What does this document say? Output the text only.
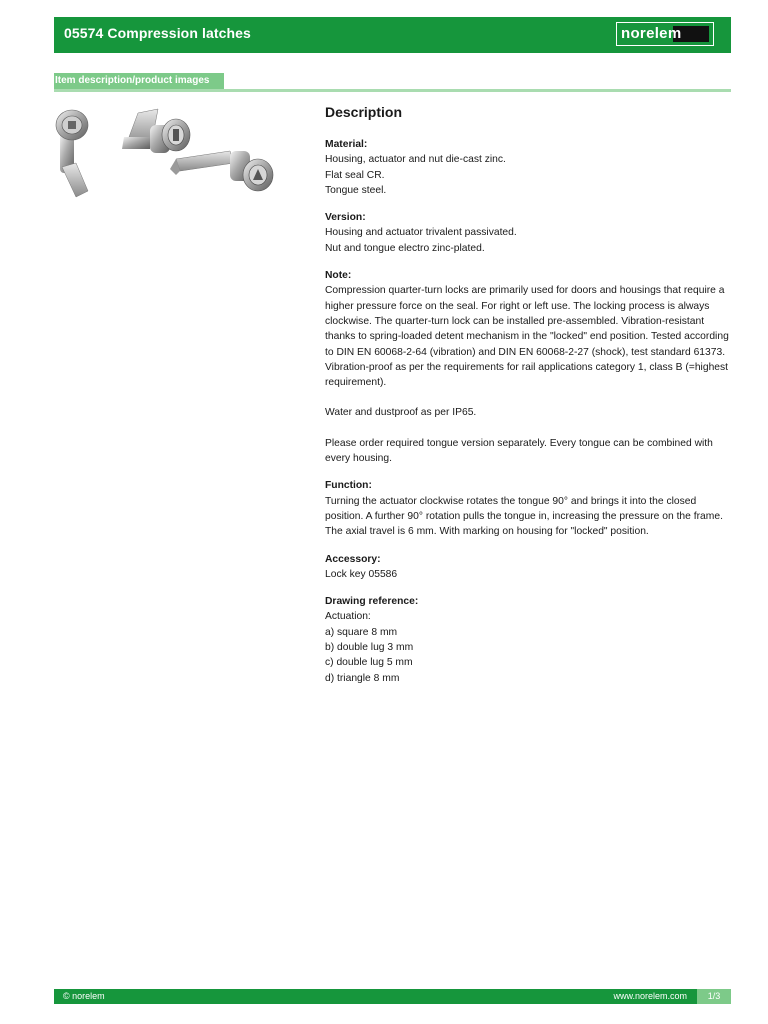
05574 Compression latches	norelem
Item description/product images
Description
Material:
Housing, actuator and nut die-cast zinc.
Flat seal CR.
Tongue steel.
Version:
Housing and actuator trivalent passivated.
Nut and tongue electro zinc-plated.
Note:
Compression quarter-turn locks are primarily used for doors and housings that require a higher pressure force on the seal. For right or left use. The locking process is always clockwise. The quarter-turn lock can be installed pre-assembled. Vibration-resistant thanks to spring-loaded detent mechanism in the "locked" end position. Tested according to DIN EN 60068-2-64 (vibration) and DIN EN 60068-2-27 (shock), test standard 61373. Vibration-proof as per the requirements for rail applications category 1, class B (=highest requirement).
Water and dustproof as per IP65.
Please order required tongue version separately. Every tongue can be combined with every housing.
Function:
Turning the actuator clockwise rotates the tongue 90° and brings it into the closed position. A further 90° rotation pulls the tongue in, increasing the pressure on the frame. The axial travel is 6 mm. With marking on housing for "locked" position.
Accessory:
Lock key 05586
Drawing reference:
Actuation:
a) square 8 mm
b) double lug 3 mm
c) double lug 5 mm
d) triangle 8 mm
© norelem	www.norelem.com	1/3
